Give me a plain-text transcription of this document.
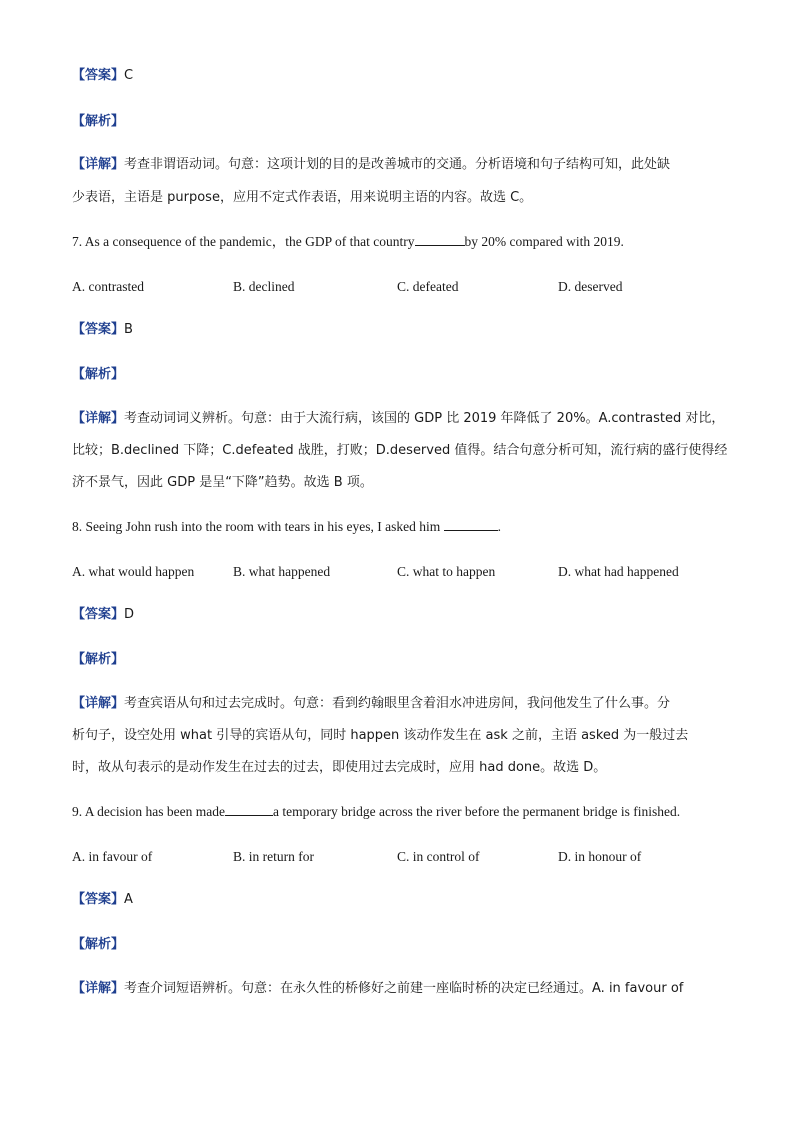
【答案】C
【解析】
【详解】考查非谓语动词。句意：这项计划的目的是改善城市的交通。分析语境和句子结构可知，此处缺
少表语，主语是 purpose，应用不定式作表语，用来说明主语的内容。故选 C。
7. As a consequence of the pandemic，the GDP of that country	by 20% compared with 2019.
A. contrasted	B. declined	C. defeated	D. deserved
【答案】B
【解析】
【详解】考查动词词义辨析。句意：由于大流行病，该国的 GDP 比 2019 年降低了 20%。A.contrasted 对比，
比较；B.declined 下降；C.defeated 战胜，打败；D.deserved 值得。结合句意分析可知，流行病的盛行使得经
济不景气，因此 GDP 是呈“下降”趋势。故选 B 项。
8. Seeing John rush into the room with tears in his eyes, I asked him	.
A. what would happen	B. what happened	C. what to happen	D. what had happened
【答案】D
【解析】
【详解】考查宾语从句和过去完成时。句意：看到约翰眼里含着泪水冲进房间，我问他发生了什么事。分
析句子，设空处用 what 引导的宾语从句，同时 happen 该动作发生在 ask 之前，主语 asked 为一般过去
时，故从句表示的是动作发生在过去的过去，即使用过去完成时，应用 had done。故选 D。
9. A decision has been made	a temporary bridge across the river before the permanent bridge is finished.
A. in favour of	B. in return for	C. in control of	D. in honour of
【答案】A
【解析】
【详解】考查介词短语辨析。句意：在永久性的桥修好之前建一座临时桥的决定已经通过。A. in favour of
